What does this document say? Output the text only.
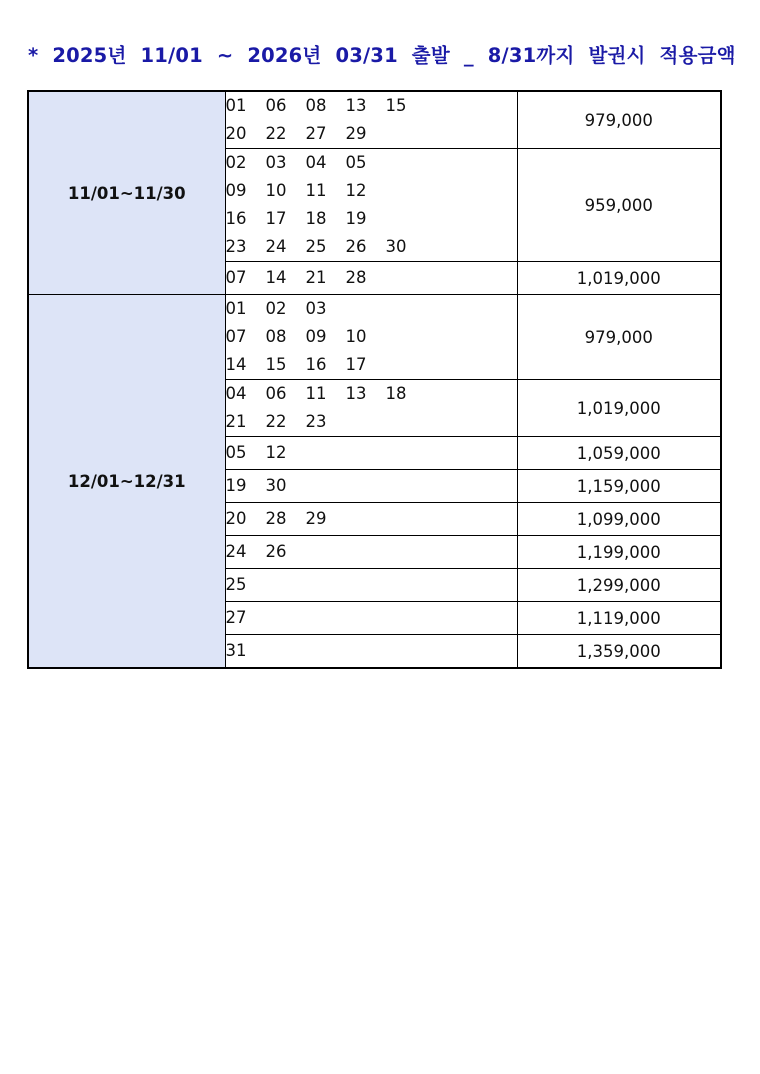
*  2025년  11/01  ~  2026년  03/31  출발  _  8/31까지  발권시  적용금액
11/01~11/30	01 06 08 13 15
20 22 27 29	979,000

	02 03 04 05
09 10 11 12
16 17 18 19
23 24 25 26 30	959,000

	07 14 21 28	1,019,000
12/01~12/31	01 02 03
07 08 09 10
14 15 16 17	979,000

	04 06 11 13 18
21 22 23	1,019,000

	05 12	1,059,000

	19 30	1,159,000

	20 28 29	1,099,000

	24 26	1,199,000

	25	1,299,000

	27	1,119,000

	31	1,359,000
